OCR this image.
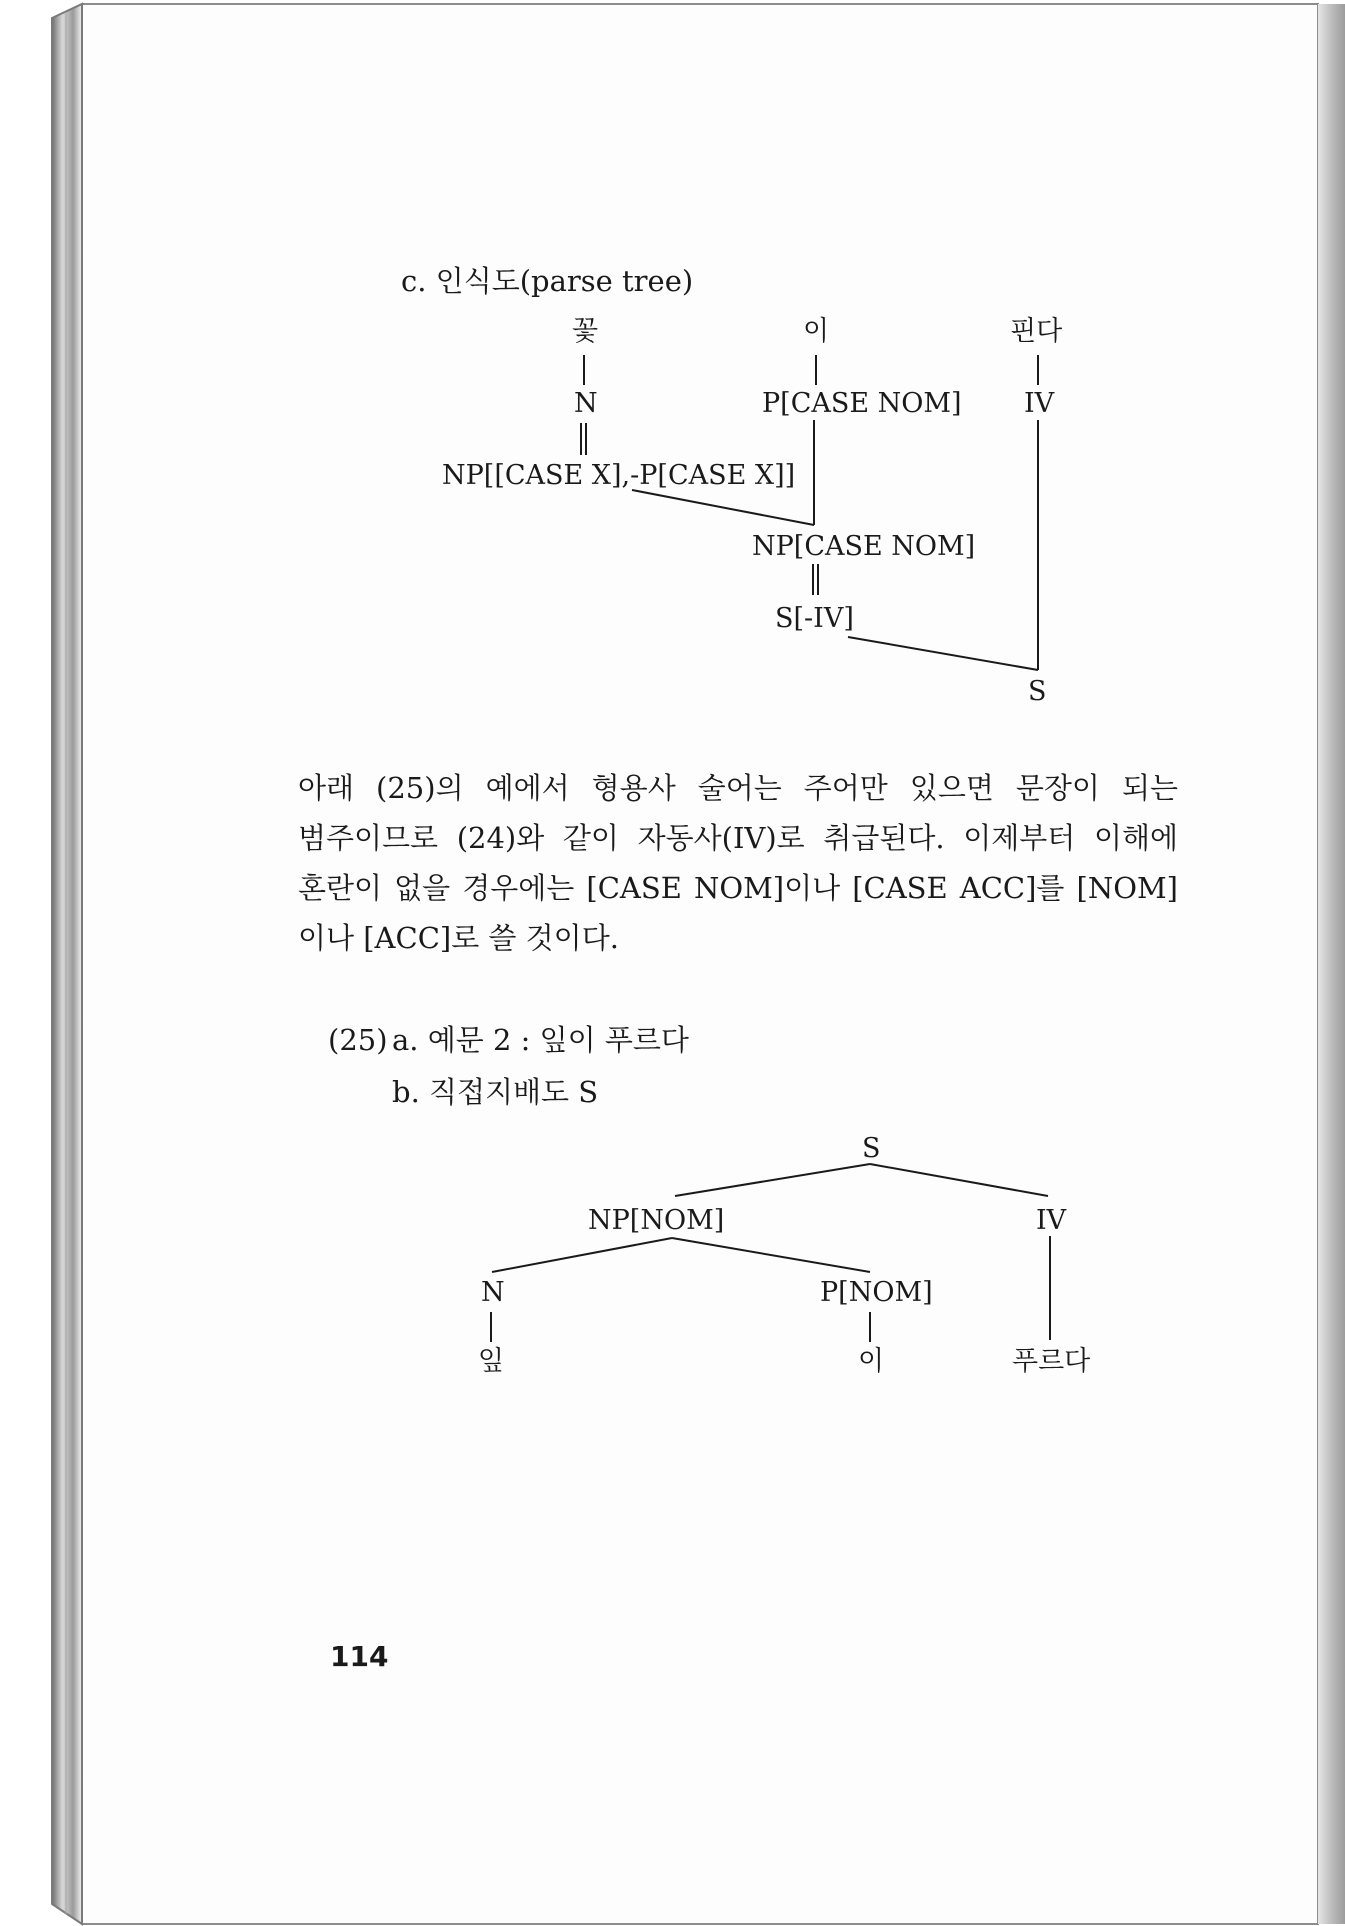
c. 인식도(parse tree)
꽃	이	핀다
N	P[CASE NOM] IV
NP[[CASE X],-P[CASE X]]
NP[CASE NOM]
S[-IV]
S
아래 (25)의 예에서 형용사 술어는 주어만 있으면 문장이 되는
범주이므로 (24)와 같이 자동사(IV)로 취급된다. 이제부터 이해에
혼란이 없을 경우에는 [CASE NOM]이나 [CASE ACC]를 [NOM]
이나 [ACC]로 쓸 것이다.
(25) a. 예문 2 : 잎이 푸르다
b. 직접지배도 S
S
NP[NOM]	IV
N	P[NOM]
잎	이	푸르다
114
